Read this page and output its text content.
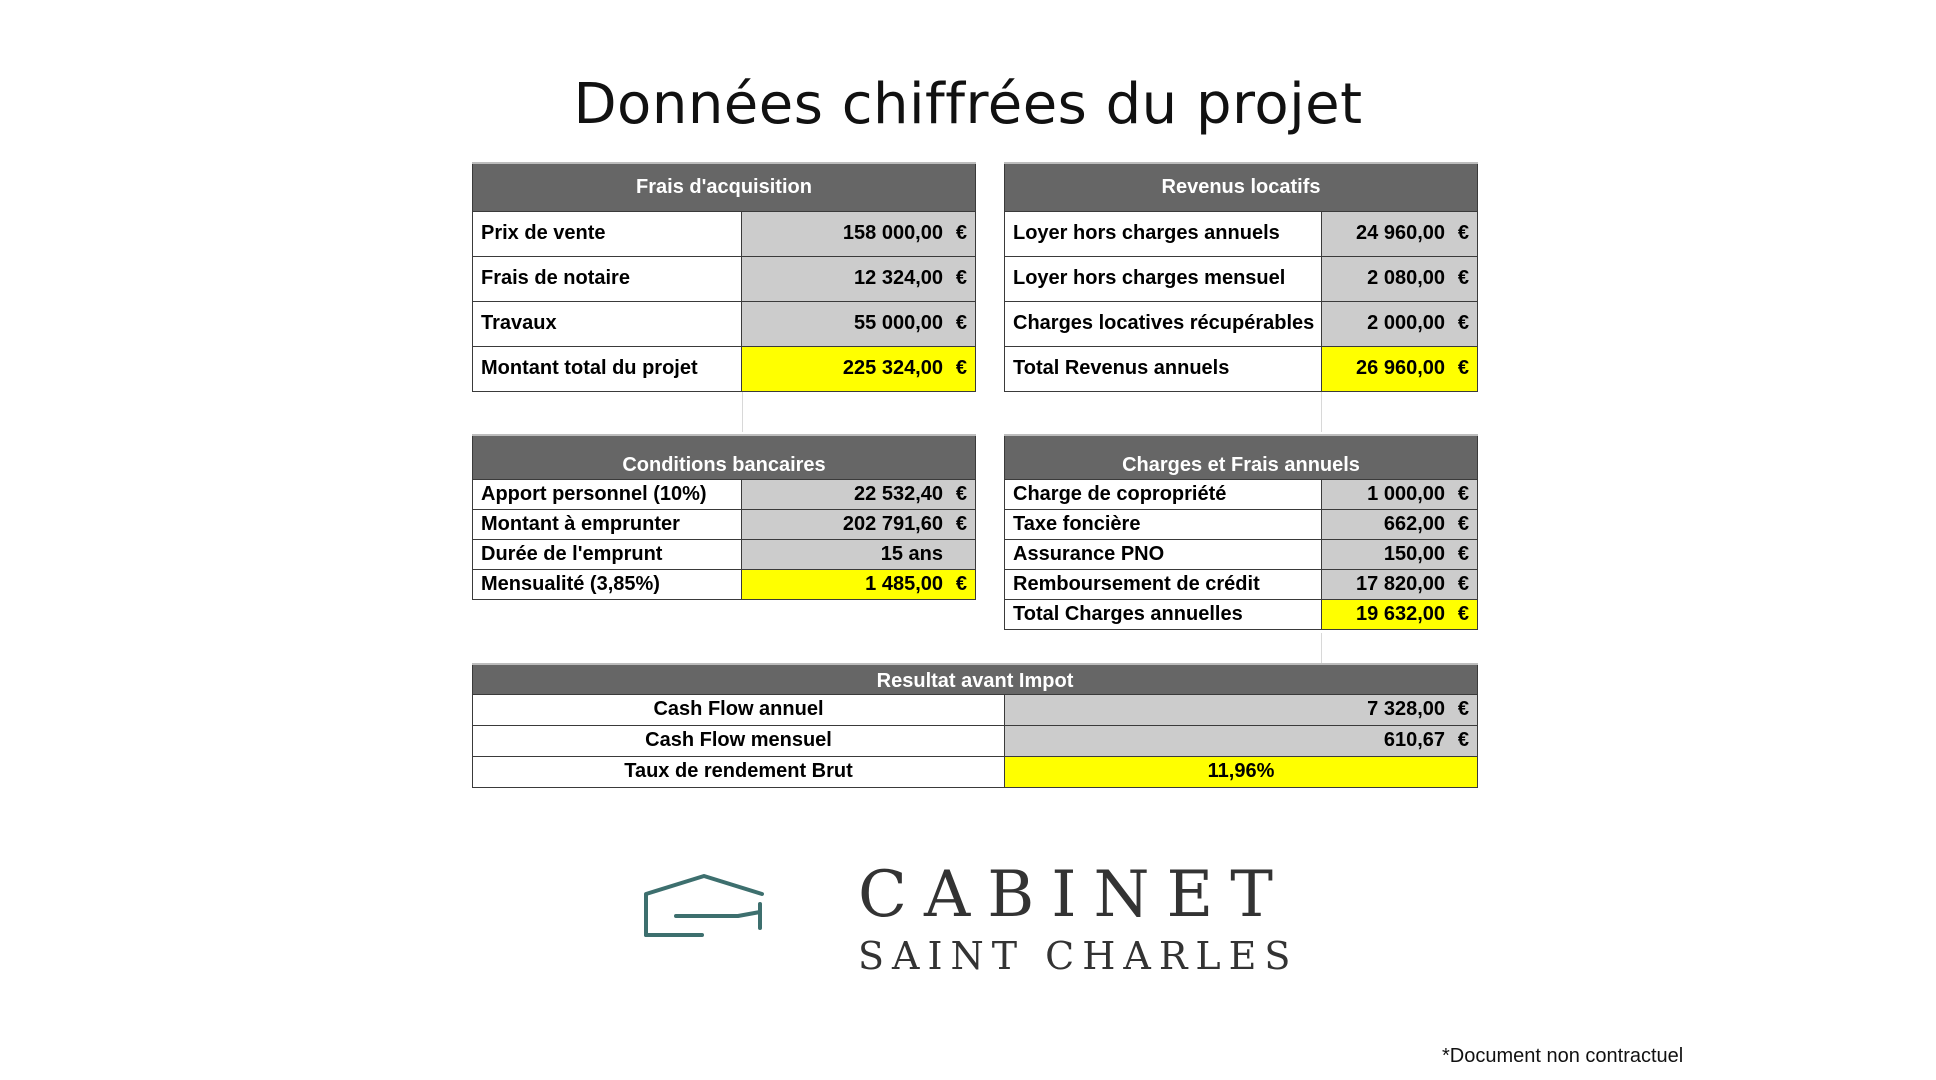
Données chiffrées du projet
Frais d'acquisition	
Prix de vente	158 000,00 €
Frais de notaire	12 324,00 €
Travaux	55 000,00 €
Montant total du projet	225 324,00 €
Revenus locatifs	
Loyer hors charges annuels	24 960,00 €
Loyer hors charges mensuel	2 080,00 €
Charges locatives récupérables	2 000,00 €
Total Revenus annuels	26 960,00 €
Conditions bancaires	
Apport personnel (10%)	22 532,40 €
Montant à emprunter	202 791,60 €
Durée de l'emprunt	15 ans
Mensualité (3,85%)	1 485,00 €
Charges et Frais annuels	
Charge de copropriété	1 000,00 €
Taxe foncière	662,00 €
Assurance PNO	150,00 €
Remboursement de crédit	17 820,00 €
Total Charges annuelles	19 632,00 €
Resultat avant Impot	
Cash Flow annuel	7 328,00 €
Cash Flow mensuel	610,67 €
Taux de rendement Brut	11,96%
CABINET
SAINT CHARLES
*Document non contractuel
